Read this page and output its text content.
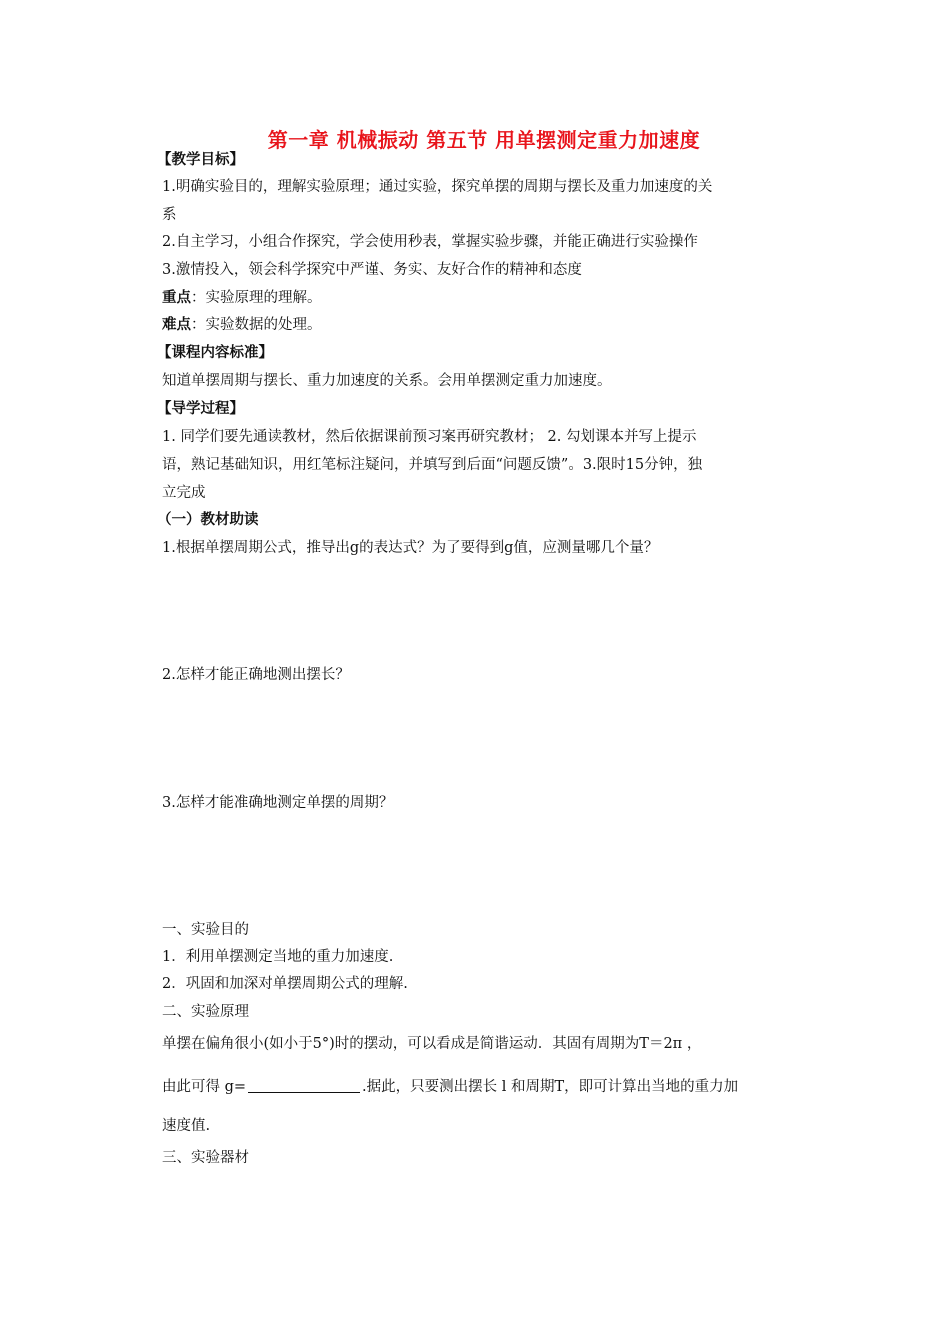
第一章 机械振动 第五节 用单摆测定重力加速度
【教学目标】
1.明确实验目的，理解实验原理；通过实验，探究单摆的周期与摆长及重力加速度的关
系
2.自主学习，小组合作探究，学会使用秒表，掌握实验步骤，并能正确进行实验操作
3.激情投入，领会科学探究中严谨、务实、友好合作的精神和态度
重点：实验原理的理解。
难点：实验数据的处理。
【课程内容标准】
知道单摆周期与摆长、重力加速度的关系。会用单摆测定重力加速度。
【导学过程】
1. 同学们要先通读教材，然后依据课前预习案再研究教材； 2. 勾划课本并写上提示
语，熟记基础知识，用红笔标注疑问，并填写到后面“问题反馈”。3.限时15分钟，独
立完成
（一）教材助读
1.根据单摆周期公式，推导出g的表达式？为了要得到g值，应测量哪几个量？
2.怎样才能正确地测出摆长？
3.怎样才能准确地测定单摆的周期？
一、实验目的
1．利用单摆测定当地的重力加速度.
2．巩固和加深对单摆周期公式的理解.
二、实验原理
单摆在偏角很小(如小于5°)时的摆动，可以看成是简谐运动．其固有周期为T＝2π ，
由此可得 g=	.据此，只要测出摆长 l 和周期T，即可计算出当地的重力加
速度值.
三、实验器材
